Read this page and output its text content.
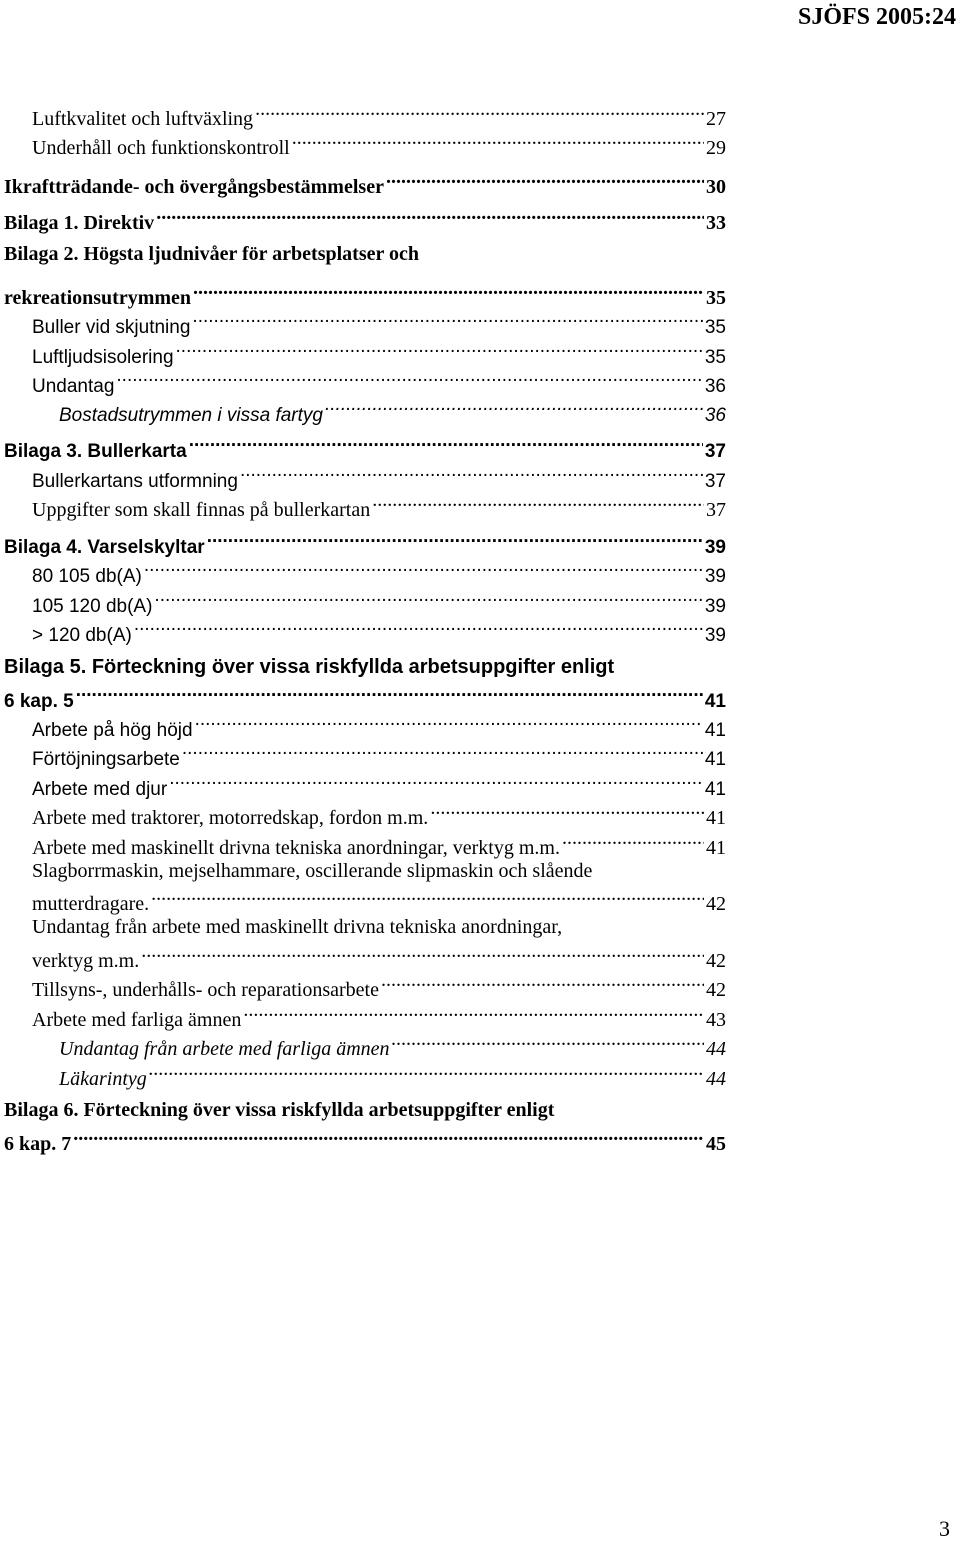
SJÖFS 2005:24
Luftkvalitet och luftväxling .....	27
Underhåll och funktionskontroll .....	29
Ikraftträdande- och övergångsbestämmelser .....	30
Bilaga 1. Direktiv .....	33
Bilaga 2. Högsta ljudnivåer för arbetsplatser och
rekreationsutrymmen .....	35
Buller vid skjutning .....	35
Luftljudsisolering .....	35
Undantag .....	36
Bostadsutrymmen i vissa fartyg .....	36
Bilaga 3. Bullerkarta .....	37
Bullerkartans utformning .....	37
Uppgifter som skall finnas på bullerkartan .....	37
Bilaga 4. Varselskyltar .....	39
80 105 db(A) .....	39
105 120 db(A) .....	39
> 120 db(A) .....	39
Bilaga 5. Förteckning över vissa riskfyllda arbetsuppgifter enligt
6 kap. 5 .....	41
Arbete på hög höjd .....	41
Förtöjningsarbete .....	41
Arbete med djur .....	41
Arbete med traktorer, motorredskap, fordon m.m. .....	41
Arbete med maskinellt drivna tekniska anordningar, verktyg m.m. .....	41
Slagborrmaskin, mejselhammare, oscillerande slipmaskin och slående
mutterdragare. .....	42
Undantag från arbete med maskinellt drivna tekniska anordningar,
verktyg m.m. .....	42
Tillsyns-, underhålls- och reparationsarbete .....	42
Arbete med farliga ämnen .....	43
Undantag från arbete med farliga ämnen .....	44
Läkarintyg .....	44
Bilaga 6. Förteckning över vissa riskfyllda arbetsuppgifter enligt
6 kap. 7 .....	45
3
